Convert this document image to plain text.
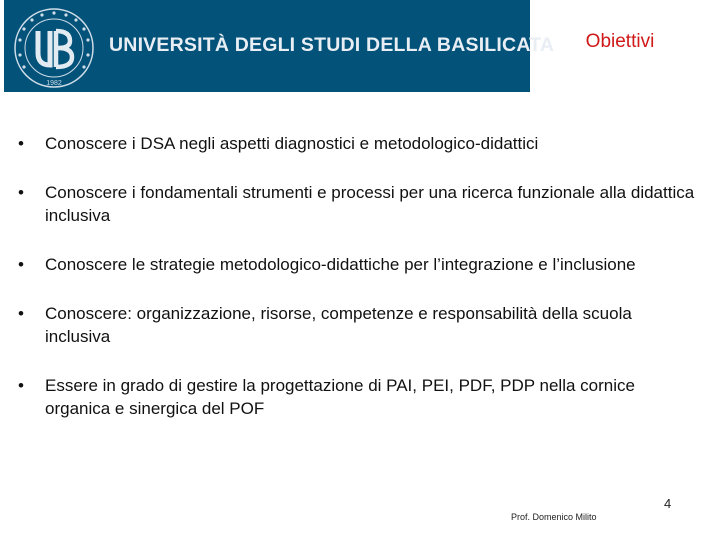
1982
UNIVERSITÀ DEGLI STUDI DELLA BASILICATA	Obiettivi
•	Conoscere i DSA negli aspetti diagnostici e metodologico-didattici
•	Conoscere i fondamentali strumenti e processi per una ricerca funzionale alla didattica inclusiva
•	Conoscere le strategie metodologico-didattiche per l’integrazione e l’inclusione
•	Conoscere: organizzazione, risorse, competenze e responsabilità della scuola inclusiva
•	Essere in grado di gestire la progettazione di PAI, PEI, PDF, PDP nella cornice organica e sinergica del POF
4
Prof. Domenico Milito
